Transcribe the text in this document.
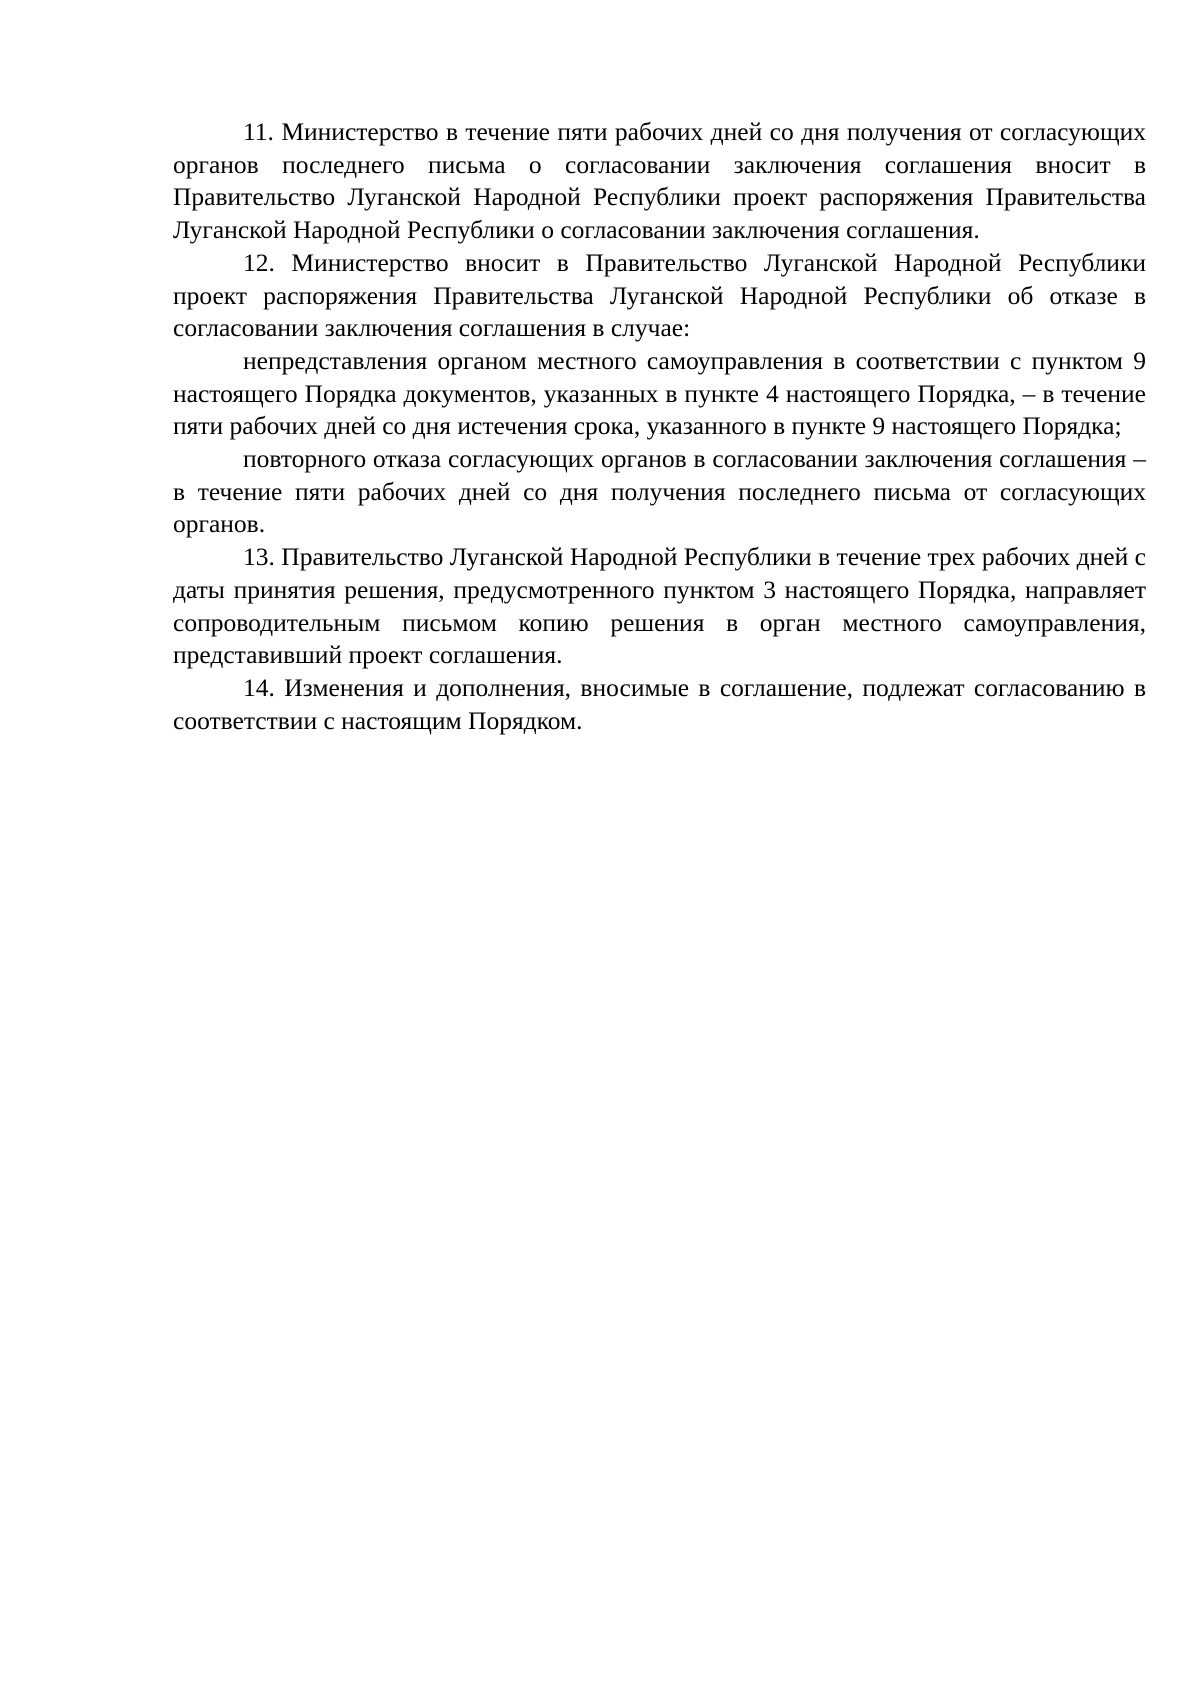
11. Министерство в течение пяти рабочих дней со дня получения от согласующих органов последнего письма о согласовании заключения соглашения вносит в Правительство Луганской Народной Республики проект распоряжения Правительства Луганской Народной Республики о согласовании заключения соглашения.

12. Министерство вносит в Правительство Луганской Народной Республики проект распоряжения Правительства Луганской Народной Республики об отказе в согласовании заключения соглашения в случае:

непредставления органом местного самоуправления в соответствии с пунктом 9 настоящего Порядка документов, указанных в пункте 4 настоящего Порядка, – в течение пяти рабочих дней со дня истечения срока, указанного в пункте 9 настоящего Порядка;

повторного отказа согласующих органов в согласовании заключения соглашения – в течение пяти рабочих дней со дня получения последнего письма от согласующих органов.

13. Правительство Луганской Народной Республики в течение трех рабочих дней с даты принятия решения, предусмотренного пунктом 3 настоящего Порядка, направляет сопроводительным письмом копию решения в орган местного самоуправления, представивший проект соглашения.

14. Изменения и дополнения, вносимые в соглашение, подлежат согласованию в соответствии с настоящим Порядком.
